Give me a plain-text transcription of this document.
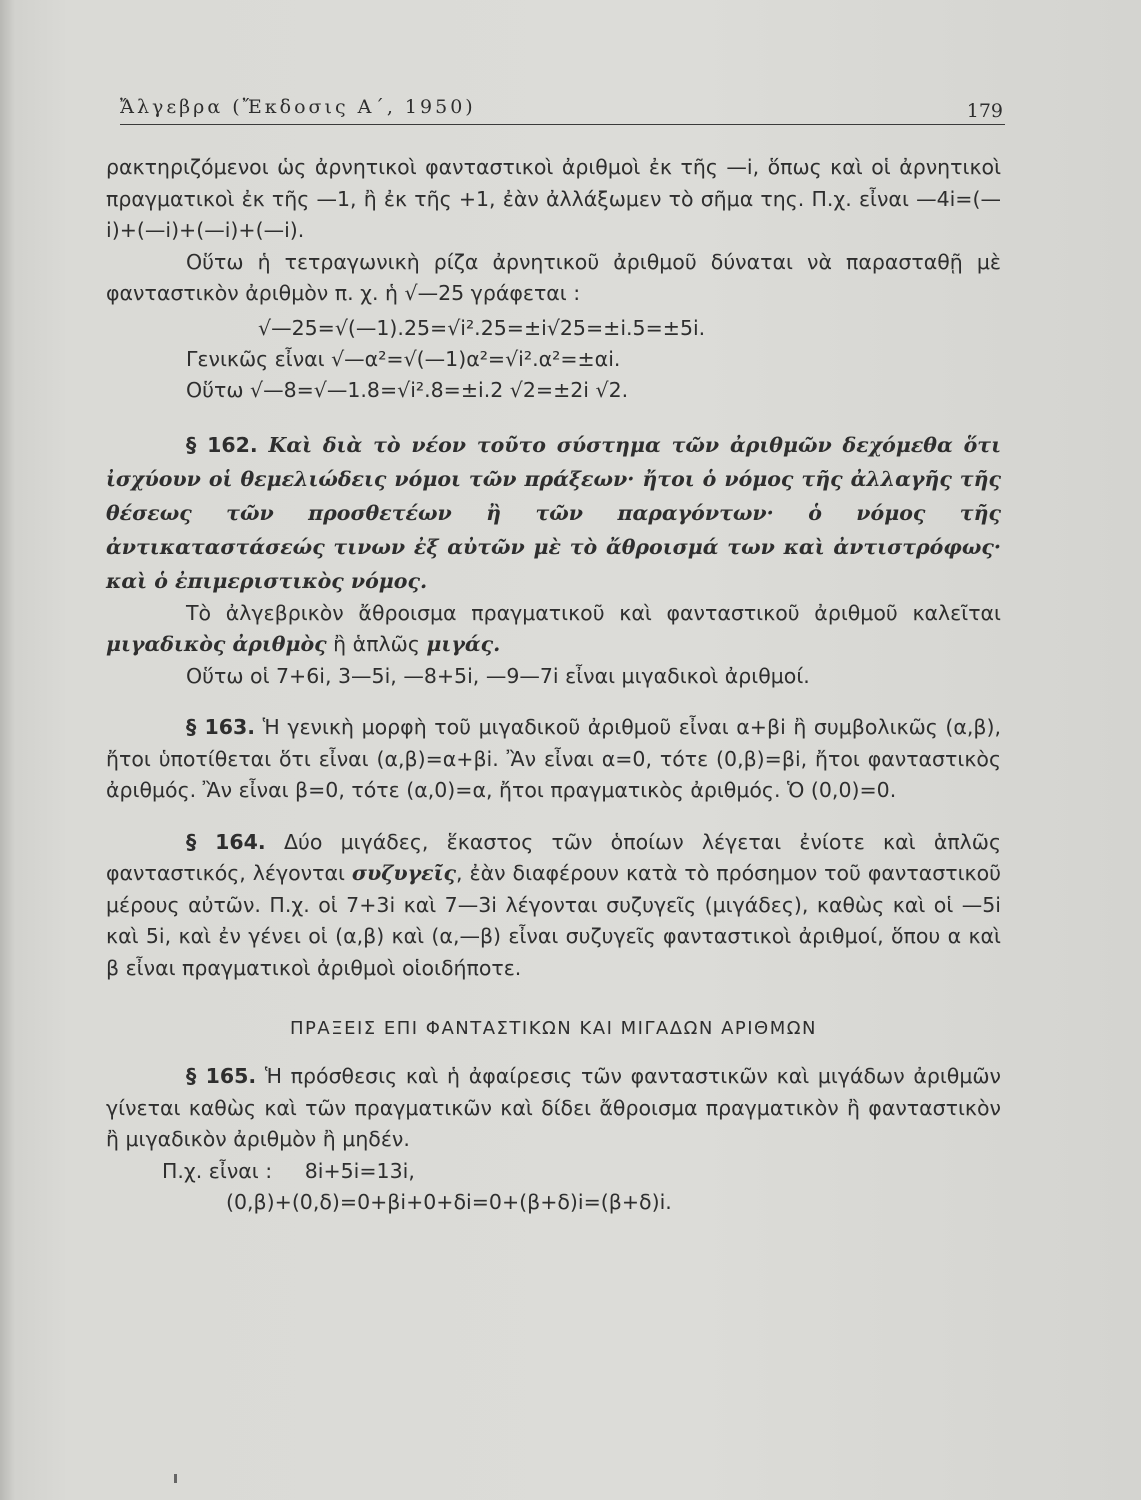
Ἄλγεβρα (Ἔκδοσις Α΄, 1950)	179

ρακτηριζόμενοι ὡς ἀρνητικοὶ φανταστικοὶ ἀριθμοὶ ἐκ τῆς —i, ὅπως καὶ οἱ ἀρνητικοὶ πραγματικοὶ ἐκ τῆς —1, ἢ ἐκ τῆς +1, ἐὰν ἀλλάξωμεν τὸ σῆμα της. Π.χ. εἶναι —4i=(—i)+(—i)+(—i)+(—i).

Οὕτω ἡ τετραγωνικὴ ρίζα ἀρνητικοῦ ἀριθμοῦ δύναται νὰ παρασταθῇ μὲ φανταστικὸν ἀριθμὸν π. χ. ἡ √—25 γράφεται :

√—25=√(—1).25=√i².25=±i√25=±i.5=±5i.

Γενικῶς εἶναι √—α²=√(—1)α²=√i².α²=±αi.

Οὕτω √—8=√—1.8=√i².8=±i.2 √2=±2i √2.

§ 162. Καὶ διὰ τὸ νέον τοῦτο σύστημα τῶν ἀριθμῶν δεχόμεθα ὅτι ἰσχύουν οἱ θεμελιώδεις νόμοι τῶν πράξεων· ἤτοι ὁ νόμος τῆς ἀλλαγῆς τῆς θέσεως τῶν προσθετέων ἢ τῶν παραγόντων· ὁ νόμος τῆς ἀντικαταστάσεώς τινων ἐξ αὐτῶν μὲ τὸ ἄθροισμά των καὶ ἀντιστρόφως· καὶ ὁ ἐπιμεριστικὸς νόμος.

Τὸ ἀλγεβρικὸν ἄθροισμα πραγματικοῦ καὶ φανταστικοῦ ἀριθμοῦ καλεῖται μιγαδικὸς ἀριθμὸς ἢ ἁπλῶς μιγάς.

Οὕτω οἱ 7+6i, 3—5i, —8+5i, —9—7i εἶναι μιγαδικοὶ ἀριθμοί.

§ 163. Ἡ γενικὴ μορφὴ τοῦ μιγαδικοῦ ἀριθμοῦ εἶναι α+βi ἢ συμβολικῶς (α,β), ἤτοι ὑποτίθεται ὅτι εἶναι (α,β)=α+βi. Ἂν εἶναι α=0, τότε (0,β)=βi, ἤτοι φανταστικὸς ἀριθμός. Ἂν εἶναι β=0, τότε (α,0)=α, ἤτοι πραγματικὸς ἀριθμός. Ὁ (0,0)=0.

§ 164. Δύο μιγάδες, ἕκαστος τῶν ὁποίων λέγεται ἐνίοτε καὶ ἁπλῶς φανταστικός, λέγονται συζυγεῖς, ἐὰν διαφέρουν κατὰ τὸ πρόσημον τοῦ φανταστικοῦ μέρους αὐτῶν. Π.χ. οἱ 7+3i καὶ 7—3i λέγονται συζυγεῖς (μιγάδες), καθὼς καὶ οἱ —5i καὶ 5i, καὶ ἐν γένει οἱ (α,β) καὶ (α,—β) εἶναι συζυγεῖς φανταστικοὶ ἀριθμοί, ὅπου α καὶ β εἶναι πραγματικοὶ ἀριθμοὶ οἱοιδήποτε.

ΠΡΑΞΕΙΣ ΕΠΙ ΦΑΝΤΑΣΤΙΚΩΝ ΚΑΙ ΜΙΓΑΔΩΝ ΑΡΙΘΜΩΝ

§ 165. Ἡ πρόσθεσις καὶ ἡ ἀφαίρεσις τῶν φανταστικῶν καὶ μιγάδων ἀριθμῶν γίνεται καθὼς καὶ τῶν πραγματικῶν καὶ δίδει ἄθροισμα πραγματικὸν ἢ φανταστικὸν ἢ μιγαδικὸν ἀριθμὸν ἢ μηδέν.

Π.χ. εἶναι :     8i+5i=13i,

(0,β)+(0,δ)=0+βi+0+δi=0+(β+δ)i=(β+δ)i.
